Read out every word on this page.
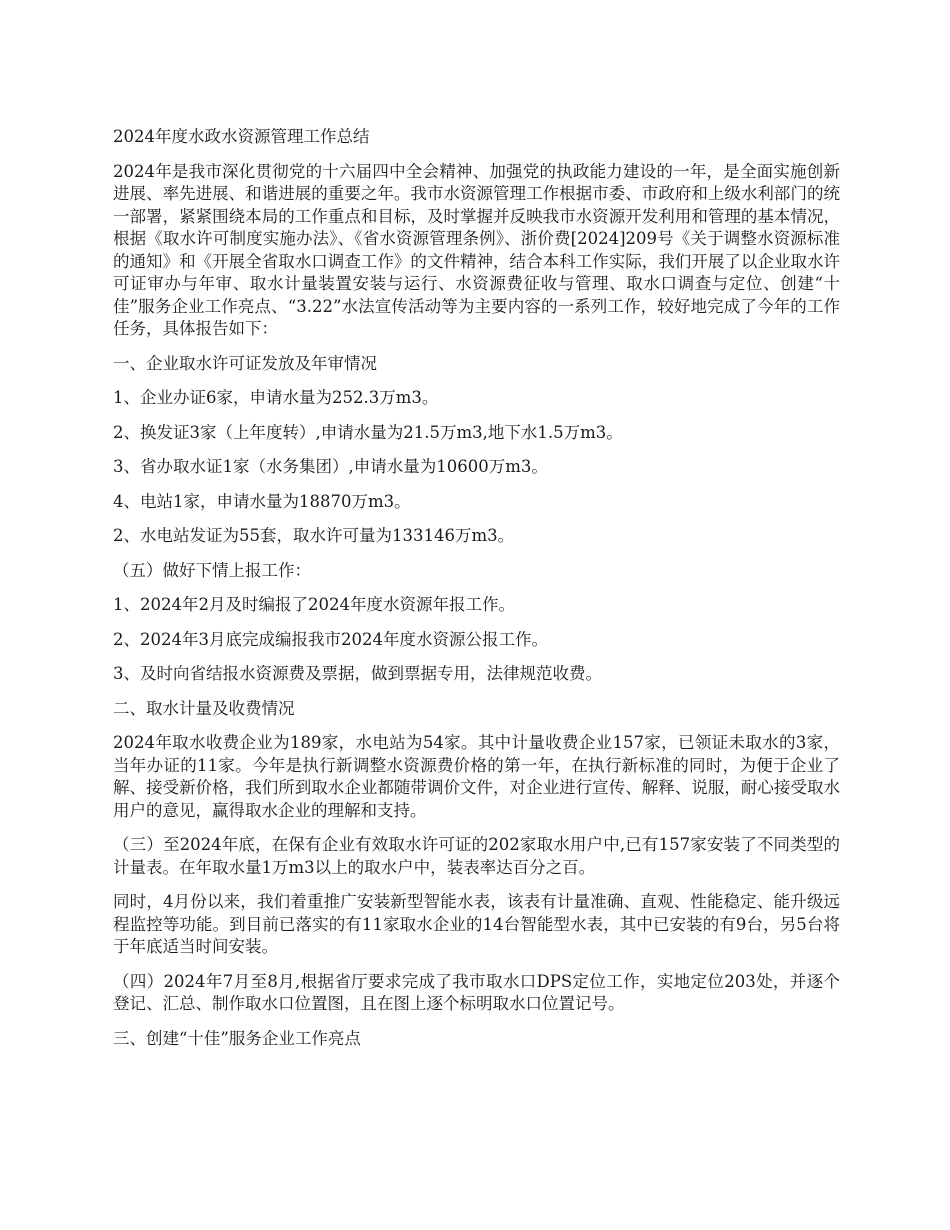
2024年度水政水资源管理工作总结
2024年是我市深化贯彻党的十六届四中全会精神、加强党的执政能力建设的一年，是全面实施创新进展、率先进展、和谐进展的重要之年。我市水资源管理工作根据市委、市政府和上级水利部门的统一部署，紧紧围绕本局的工作重点和目标，及时掌握并反映我市水资源开发利用和管理的基本情况，根据《取水许可制度实施办法》、《省水资源管理条例》、浙价费[2024]209号《关于调整水资源标准的通知》和《开展全省取水口调查工作》的文件精神，结合本科工作实际，我们开展了以企业取水许可证审办与年审、取水计量装置安装与运行、水资源费征收与管理、取水口调查与定位、创建“十佳”服务企业工作亮点、“3.22”水法宣传活动等为主要内容的一系列工作，较好地完成了今年的工作任务，具体报告如下：
一、企业取水许可证发放及年审情况
1、企业办证6家，申请水量为252.3万m3。
2、换发证3家（上年度转）,申请水量为21.5万m3,地下水1.5万m3。
3、省办取水证1家（水务集团）,申请水量为10600万m3。
4、电站1家，申请水量为18870万m3。
2、水电站发证为55套，取水许可量为133146万m3。
（五）做好下情上报工作：
1、2024年2月及时编报了2024年度水资源年报工作。
2、2024年3月底完成编报我市2024年度水资源公报工作。
3、及时向省结报水资源费及票据，做到票据专用，法律规范收费。
二、取水计量及收费情况
2024年取水收费企业为189家，水电站为54家。其中计量收费企业157家，已领证未取水的3家，当年办证的11家。今年是执行新调整水资源费价格的第一年，在执行新标准的同时，为便于企业了解、接受新价格，我们所到取水企业都随带调价文件，对企业进行宣传、解释、说服，耐心接受取水用户的意见，赢得取水企业的理解和支持。
（三）至2024年底，在保有企业有效取水许可证的202家取水用户中,已有157家安装了不同类型的计量表。在年取水量1万m3以上的取水户中，装表率达百分之百。
同时，4月份以来，我们着重推广安装新型智能水表，该表有计量准确、直观、性能稳定、能升级远程监控等功能。到目前已落实的有11家取水企业的14台智能型水表，其中已安装的有9台，另5台将于年底适当时间安装。
（四）2024年7月至8月,根据省厅要求完成了我市取水口DPS定位工作，实地定位203处，并逐个登记、汇总、制作取水口位置图，且在图上逐个标明取水口位置记号。
三、创建“十佳”服务企业工作亮点
